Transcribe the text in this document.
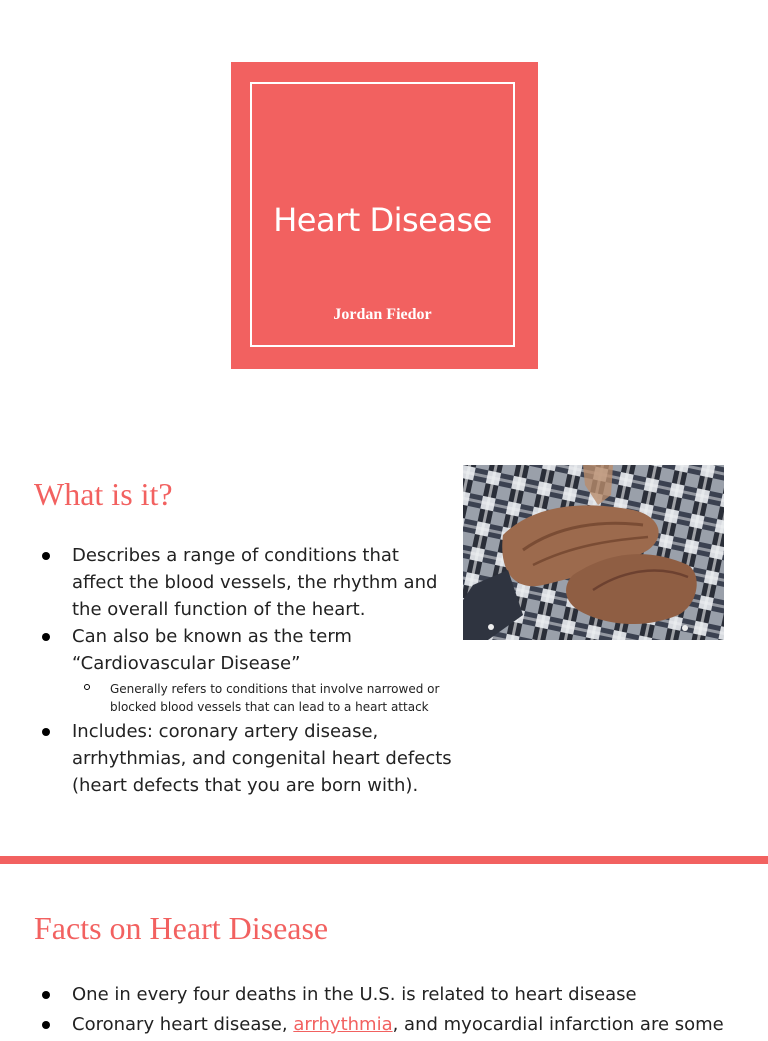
Heart Disease

Jordan Fiedor

What is it?
Describes a range of conditions that affect the blood vessels, the rhythm and the overall function of the heart.
Can also be known as the term “Cardiovascular Disease”
Generally refers to conditions that involve narrowed or blocked blood vessels that can lead to a heart attack
Includes: coronary artery disease, arrhythmias, and congenital heart defects (heart defects that you are born with).
Facts on Heart Disease
One in every four deaths in the U.S. is related to heart disease
Coronary heart disease, arrhythmia, and myocardial infarction are some
